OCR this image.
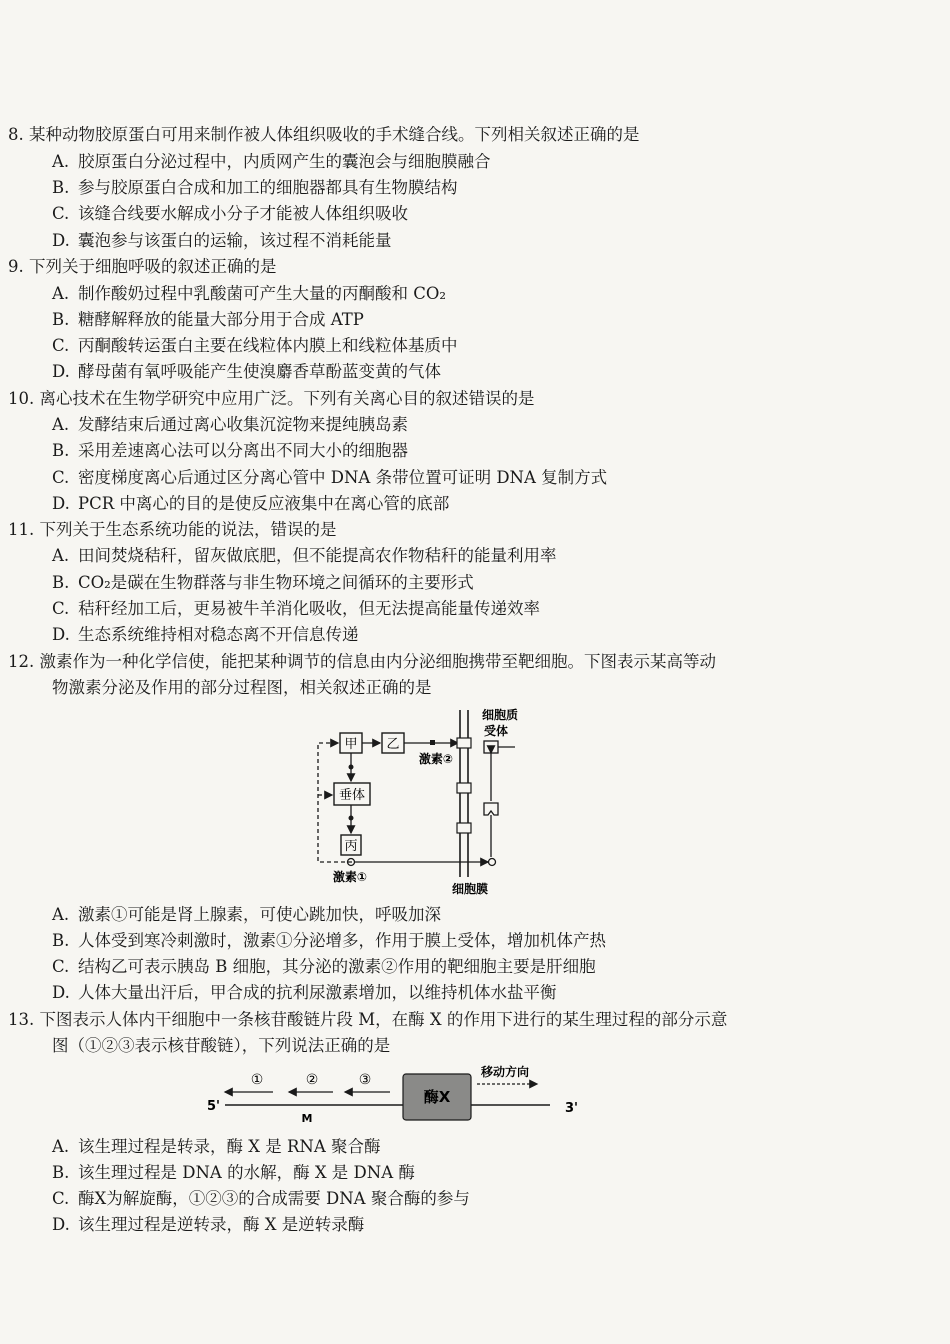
8. 某种动物胶原蛋白可用来制作被人体组织吸收的手术缝合线。下列相关叙述正确的是
A. 胶原蛋白分泌过程中，内质网产生的囊泡会与细胞膜融合
B. 参与胶原蛋白合成和加工的细胞器都具有生物膜结构
C. 该缝合线要水解成小分子才能被人体组织吸收
D. 囊泡参与该蛋白的运输，该过程不消耗能量
9. 下列关于细胞呼吸的叙述正确的是
A. 制作酸奶过程中乳酸菌可产生大量的丙酮酸和 CO₂
B. 糖酵解释放的能量大部分用于合成 ATP
C. 丙酮酸转运蛋白主要在线粒体内膜上和线粒体基质中
D. 酵母菌有氧呼吸能产生使溴麝香草酚蓝变黄的气体
10. 离心技术在生物学研究中应用广泛。下列有关离心目的叙述错误的是
A. 发酵结束后通过离心收集沉淀物来提纯胰岛素
B. 采用差速离心法可以分离出不同大小的细胞器
C. 密度梯度离心后通过区分离心管中 DNA 条带位置可证明 DNA 复制方式
D. PCR 中离心的目的是使反应液集中在离心管的底部
11. 下列关于生态系统功能的说法，错误的是
A. 田间焚烧秸秆，留灰做底肥，但不能提高农作物秸秆的能量利用率
B. CO₂是碳在生物群落与非生物环境之间循环的主要形式
C. 秸秆经加工后，更易被牛羊消化吸收，但无法提高能量传递效率
D. 生态系统维持相对稳态离不开信息传递
12. 激素作为一种化学信使，能把某种调节的信息由内分泌细胞携带至靶细胞。下图表示某高等动
物激素分泌及作用的部分过程图，相关叙述正确的是
甲 乙
激素②
垂体
丙
激素①
细胞膜
细胞质
受体
A. 激素①可能是肾上腺素，可使心跳加快，呼吸加深
B. 人体受到寒冷刺激时，激素①分泌增多，作用于膜上受体，增加机体产热
C. 结构乙可表示胰岛 B 细胞，其分泌的激素②作用的靶细胞主要是肝细胞
D. 人体大量出汗后，甲合成的抗利尿激素增加，以维持机体水盐平衡
13. 下图表示人体内干细胞中一条核苷酸链片段 M，在酶 X 的作用下进行的某生理过程的部分示意
图（①②③表示核苷酸链），下列说法正确的是
5'	3'
M
①	②	③
酶X
移动方向
A. 该生理过程是转录，酶 X 是 RNA 聚合酶
B. 该生理过程是 DNA 的水解，酶 X 是 DNA 酶
C. 酶X为解旋酶，①②③的合成需要 DNA 聚合酶的参与
D. 该生理过程是逆转录，酶 X 是逆转录酶
